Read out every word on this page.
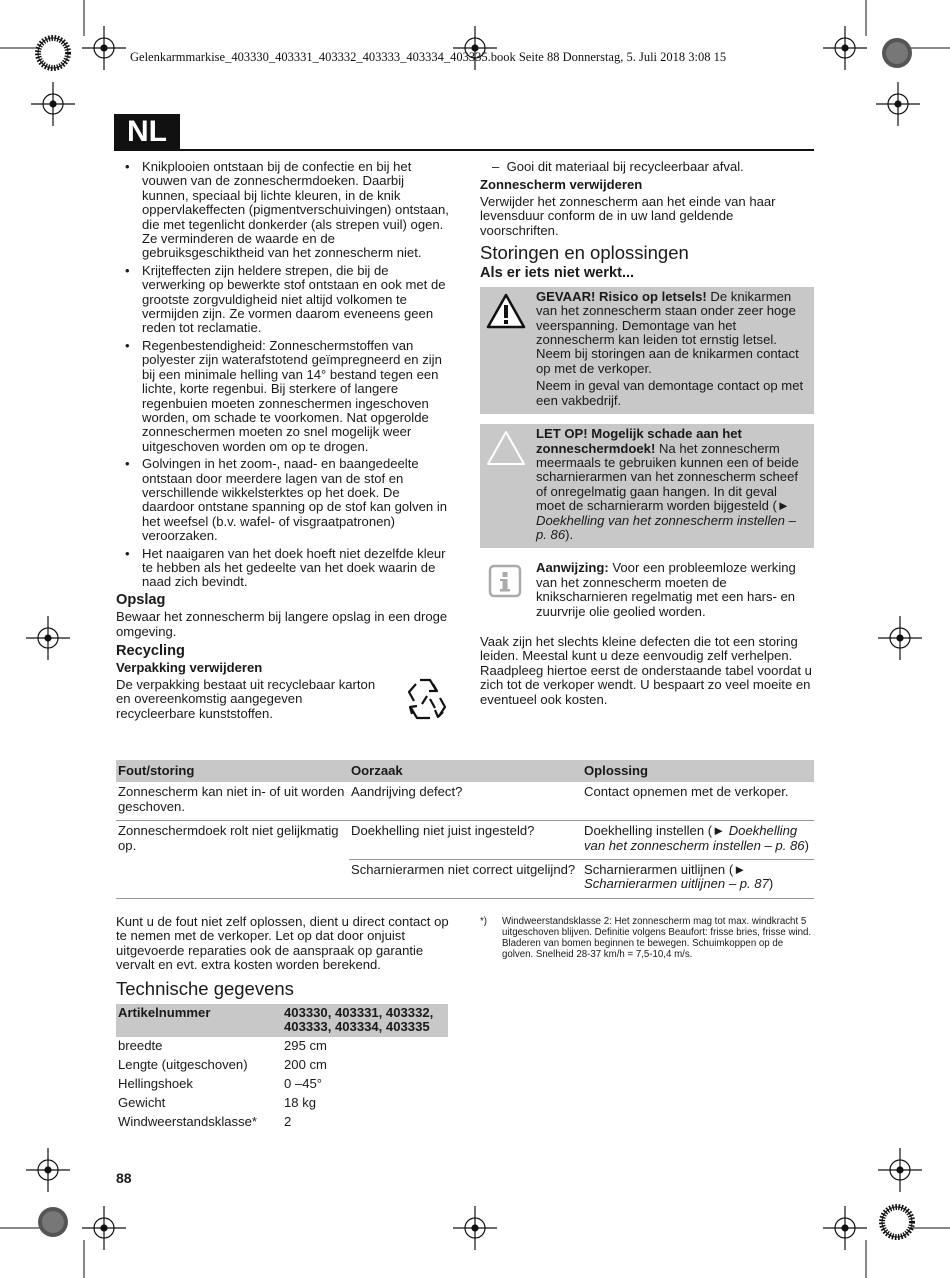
Gelenkarmmarkise_403330_403331_403332_403333_403334_403335.book Seite 88 Donnerstag, 5. Juli 2018 3:08 15
NL
• Knikplooien ontstaan bij de confectie en bij het vouwen van de zonneschermdoeken. Daarbij kunnen, speciaal bij lichte kleuren, in de knik oppervlakeffecten (pigmentverschuivingen) ontstaan, die met tegenlicht donkerder (als strepen vuil) ogen. Ze verminderen de waarde en de gebruiksgeschiktheid van het zonnescherm niet.
• Krijteffecten zijn heldere strepen, die bij de verwerking op bewerkte stof ontstaan en ook met de grootste zorgvuldigheid niet altijd volkomen te vermijden zijn. Ze vormen daarom eveneens geen reden tot reclamatie.
• Regenbestendigheid: Zonneschermstoffen van polyester zijn waterafstotend geïmpregneerd en zijn bij een minimale helling van 14° bestand tegen een lichte, korte regenbui. Bij sterkere of langere regenbuien moeten zonneschermen ingeschoven worden, om schade te voorkomen. Nat opgerolde zonneschermen moeten zo snel mogelijk weer uitgeschoven worden om op te drogen.
• Golvingen in het zoom-, naad- en baangedeelte ontstaan door meerdere lagen van de stof en verschillende wikkelsterktes op het doek. De daardoor ontstane spanning op de stof kan golven in het weefsel (b.v. wafel- of visgraatpatronen) veroorzaken.
• Het naaigaren van het doek hoeft niet dezelfde kleur te hebben als het gedeelte van het doek waarin de naad zich bevindt.
Opslag

Bewaar het zonnescherm bij langere opslag in een droge omgeving.

Recycling
Verpakking verwijderen

De verpakking bestaat uit recyclebaar karton en overeenkomstig aangegeven recycleerbare kunststoffen.

–  Gooi dit materiaal bij recycleerbaar afval.

Zonnescherm verwijderen

Verwijder het zonnescherm aan het einde van haar levensduur conform de in uw land geldende voorschriften.

Storingen en oplossingen
Als er iets niet werkt...

GEVAAR! Risico op letsels! De knikarmen van het zonnescherm staan onder zeer hoge veerspanning. Demontage van het zonnescherm kan leiden tot ernstig letsel. Neem bij storingen aan de knikarmen contact op met de verkoper.

Neem in geval van demontage contact op met een vakbedrijf.

LET OP! Mogelijk schade aan het zonneschermdoek! Na het zonnescherm meermaals te gebruiken kunnen een of beide scharnierarmen van het zonnescherm scheef of onregelmatig gaan hangen. In dit geval moet de scharnierarm worden bijgesteld (► Doekhelling van het zonnescherm instellen – p. 86).

Aanwijzing: Voor een probleemloze werking van het zonnescherm moeten de knikscharnieren regelmatig met een hars- en zuurvrije olie geolied worden.

Vaak zijn het slechts kleine defecten die tot een storing leiden. Meestal kunt u deze eenvoudig zelf verhelpen. Raadpleeg hiertoe eerst de onderstaande tabel voordat u zich tot de verkoper wendt. U bespaart zo veel moeite en eventueel ook kosten.

Fout/storing	Oorzaak	Oplossing
Zonnescherm kan niet in- of uit worden geschoven.	Aandrijving defect?	Contact opnemen met de verkoper.
Zonneschermdoek rolt niet gelijkmatig op.	Doekhelling niet juist ingesteld?	Doekhelling instellen (► Doekhelling van het zonnescherm instellen – p. 86)
	Scharnierarmen niet correct uitgelijnd?	Scharnierarmen uitlijnen (► Scharnierarmen uitlijnen – p. 87)

Kunt u de fout niet zelf oplossen, dient u direct contact op te nemen met de verkoper. Let op dat door onjuist uitgevoerde reparaties ook de aanspraak op garantie vervalt en evt. extra kosten worden berekend.

Technische gegevens
Artikelnummer	403330, 403331, 403332, 403333, 403334, 403335
breedte	295 cm
Lengte (uitgeschoven)	200 cm
Hellingshoek	0 –45°
Gewicht	18 kg
Windweerstandsklasse*	2
*)	Windweerstandsklasse 2: Het zonnescherm mag tot max. windkracht 5 uitgeschoven blijven. Definitie volgens Beaufort: frisse bries, frisse wind. Bladeren van bomen beginnen te bewegen. Schuimkoppen op de golven. Snelheid 28-37 km/h = 7,5-10,4 m/s.
88
